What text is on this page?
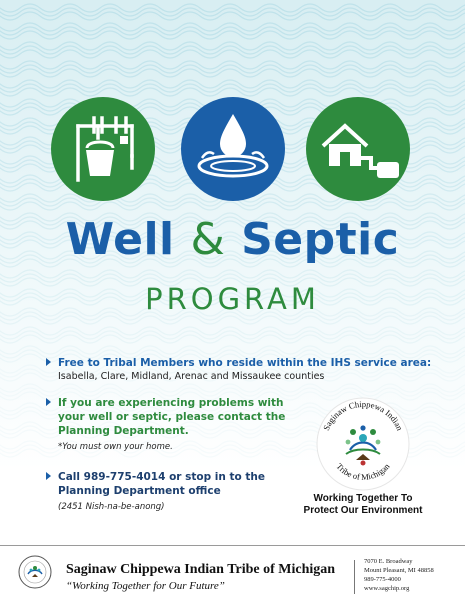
Well & Septic
PROGRAM
Free to Tribal Members who reside within the IHS service area:
Isabella, Clare, Midland, Arenac and Missaukee counties
If you are experiencing problems with your well or septic, please contact the Planning Department.
*You must own your home.
Call 989-775-4014 or stop in to the Planning Department office
(2451 Nish-na-be-anong)
Saginaw Chippewa Indian
Tribe of Michigan
Working Together To
Protect Our Environment
Saginaw Chippewa Indian Tribe of Michigan
“Working Together for Our Future”
7070 E. Broadway
Mount Pleasant, MI 48858
989-775-4000
www.sagchip.org
